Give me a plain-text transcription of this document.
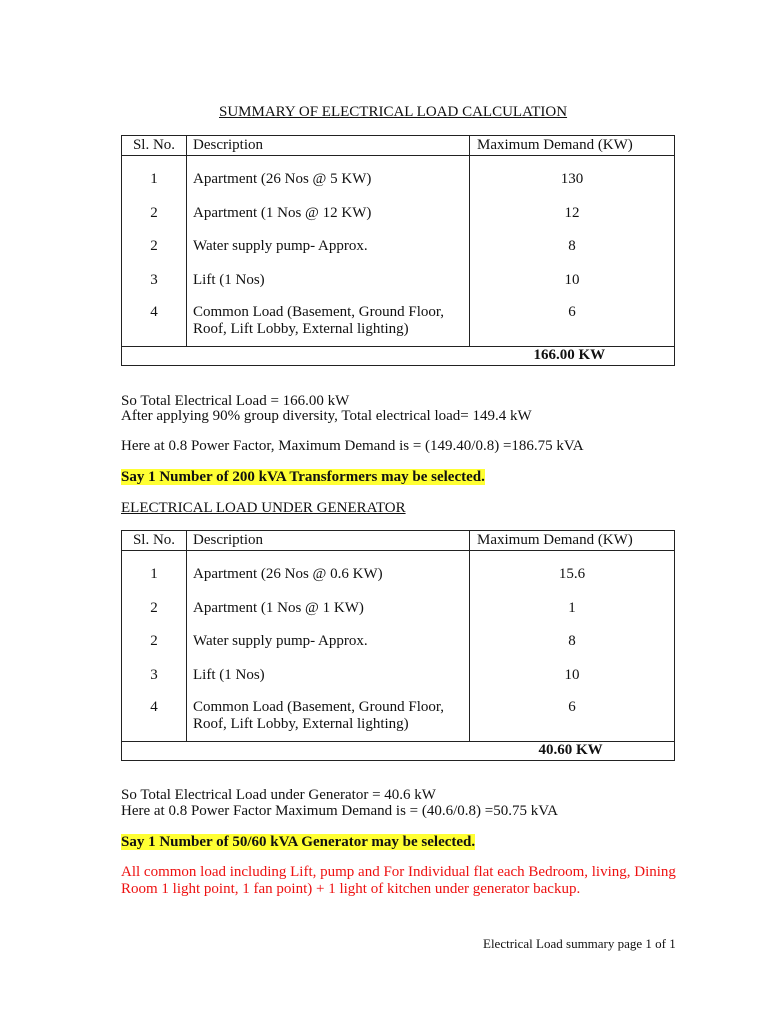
SUMMARY OF ELECTRICAL LOAD CALCULATION
Sl. No.	Description	Maximum Demand (KW)

1	Apartment (26 Nos @ 5 KW)	130
2	Apartment (1 Nos @ 12 KW)	12
2	Water supply pump- Approx.	8
3	Lift (1 Nos)	10
4	Common Load (Basement, Ground Floor,
Roof, Lift Lobby, External lighting)	6
		166.00 KW
So Total Electrical Load = 166.00 kW
After applying 90% group diversity, Total electrical load= 149.4 kW
Here at 0.8 Power Factor, Maximum Demand is = (149.40/0.8) =186.75 kVA
Say 1 Number of 200 kVA Transformers may be selected.
ELECTRICAL LOAD UNDER GENERATOR
Sl. No.	Description	Maximum Demand (KW)

1	Apartment (26 Nos @ 0.6 KW)	15.6
2	Apartment (1 Nos @ 1 KW)	1
2	Water supply pump- Approx.	8
3	Lift (1 Nos)	10
4	Common Load (Basement, Ground Floor,
Roof, Lift Lobby, External lighting)	6
		40.60 KW
So Total Electrical Load under Generator = 40.6 kW
Here at 0.8 Power Factor Maximum Demand is = (40.6/0.8) =50.75 kVA
Say 1 Number of 50/60 kVA Generator may be selected.
All common load including Lift, pump and For Individual flat each Bedroom, living, Dining
Room 1 light point, 1 fan point) + 1 light of kitchen under generator backup.
Electrical Load summary page 1 of 1
